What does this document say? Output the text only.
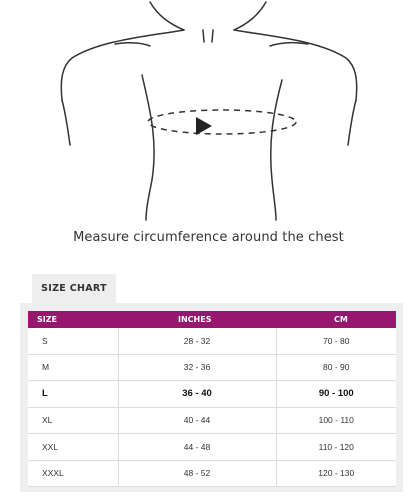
Measure circumference around the chest
SIZE CHART
SIZE	INCHES	CM
S	28 - 32	70 - 80
M	32 - 36	80 - 90
L	36 - 40	90 - 100
XL	40 - 44	100 - 110
XXL	44 - 48	110 - 120
XXXL	48 - 52	120 - 130
